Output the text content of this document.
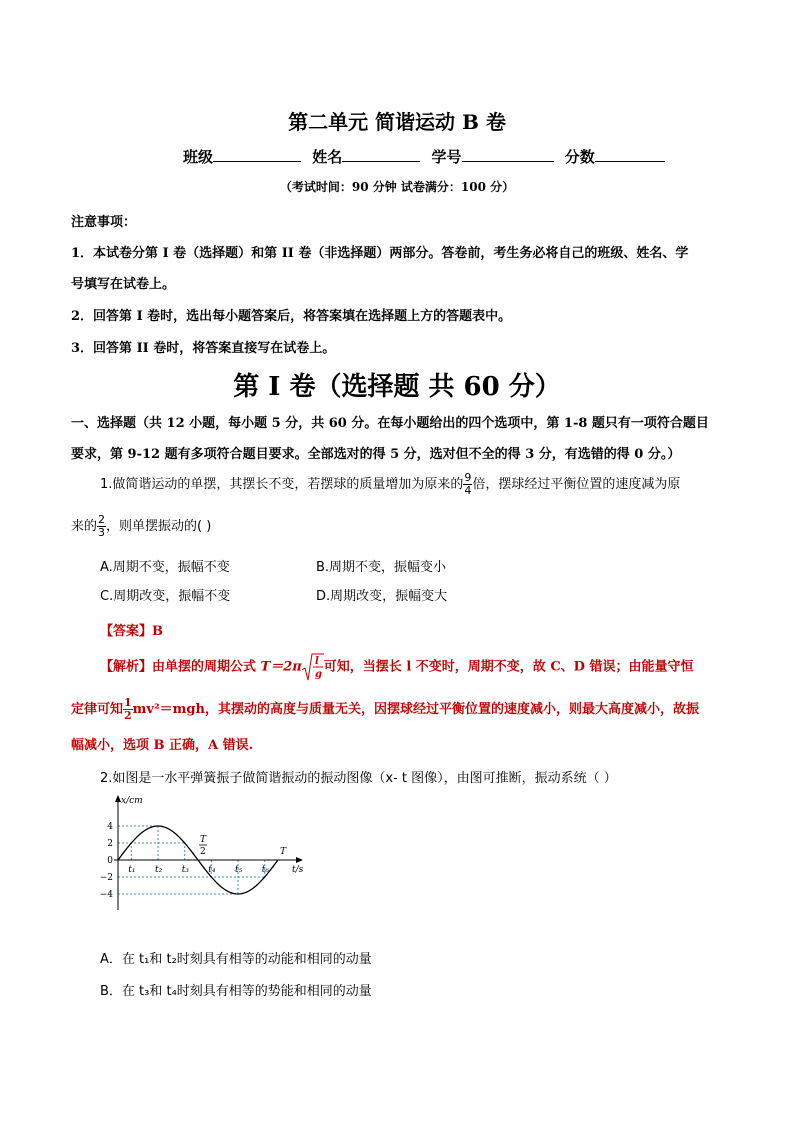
第二单元 简谐运动 B 卷
班级	姓名	学号	分数
（考试时间：90 分钟 试卷满分：100 分）
注意事项：
1．本试卷分第 I 卷（选择题）和第 II 卷（非选择题）两部分。答卷前，考生务必将自己的班级、姓名、学
号填写在试卷上。
2．回答第 I 卷时，选出每小题答案后，将答案填在选择题上方的答题表中。
3．回答第 II 卷时，将答案直接写在试卷上。
第 I 卷（选择题 共 60 分）
一、选择题（共 12 小题，每小题 5 分，共 60 分。在每小题给出的四个选项中，第 1-8 题只有一项符合题目
要求，第 9-12 题有多项符合题目要求。全部选对的得 5 分，选对但不全的得 3 分，有选错的得 0 分。）
1.做简谐运动的单摆，其摆长不变，若摆球的质量增加为原来的 $\frac{9}{4}$ 倍，摆球经过平衡位置的速度减为原
来的 $\frac{2}{3}$ ，则单摆振动的( )
A.周期不变，振幅不变	B.周期不变，振幅变小
C.周期改变，振幅不变	D.周期改变，振幅变大
【答案】B
【解析】由单摆的周期公式 T＝2π l
g 可知，当摆长 l 不变时，周期不变，故 C、D 错误；由能量守恒
定律可知 $\frac{1}{2} mv^2=mgh$，其摆动的高度与质量无关，因摆球经过平衡位置的速度减小，则最大高度减小，故振
幅减小，选项 B 正确，A 错误.
2.如图是一水平弹簧振子做简谐振动的振动图像（x- t 图像），由图可推断，振动系统（ ）
x/cm
t/s
4
2
0
−2
−4
t₁ t₂ t₃ t₄ t₅ t₆
T
2	T
A．在 t₁和 t₂时刻具有相等的动能和相同的动量
B．在 t₃和 t₄时刻具有相等的势能和相同的动量
